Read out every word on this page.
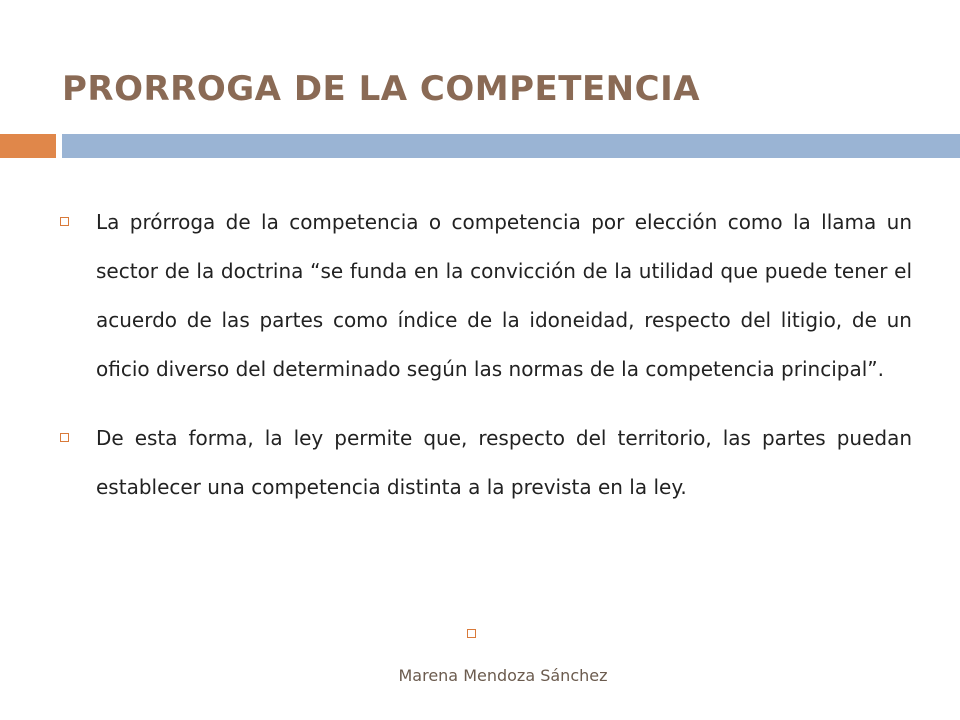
PRORROGA DE LA COMPETENCIA
La prórroga de la competencia o competencia por elección como la llama un sector de la doctrina “se funda en la convicción de la utilidad que puede tener el acuerdo de las partes como índice de la idoneidad, respecto del litigio, de un oficio diverso del determinado según las normas de la competencia principal”.
De esta forma, la ley permite que, respecto del territorio, las partes puedan establecer una competencia distinta a la prevista en la ley.
Marena Mendoza Sánchez
